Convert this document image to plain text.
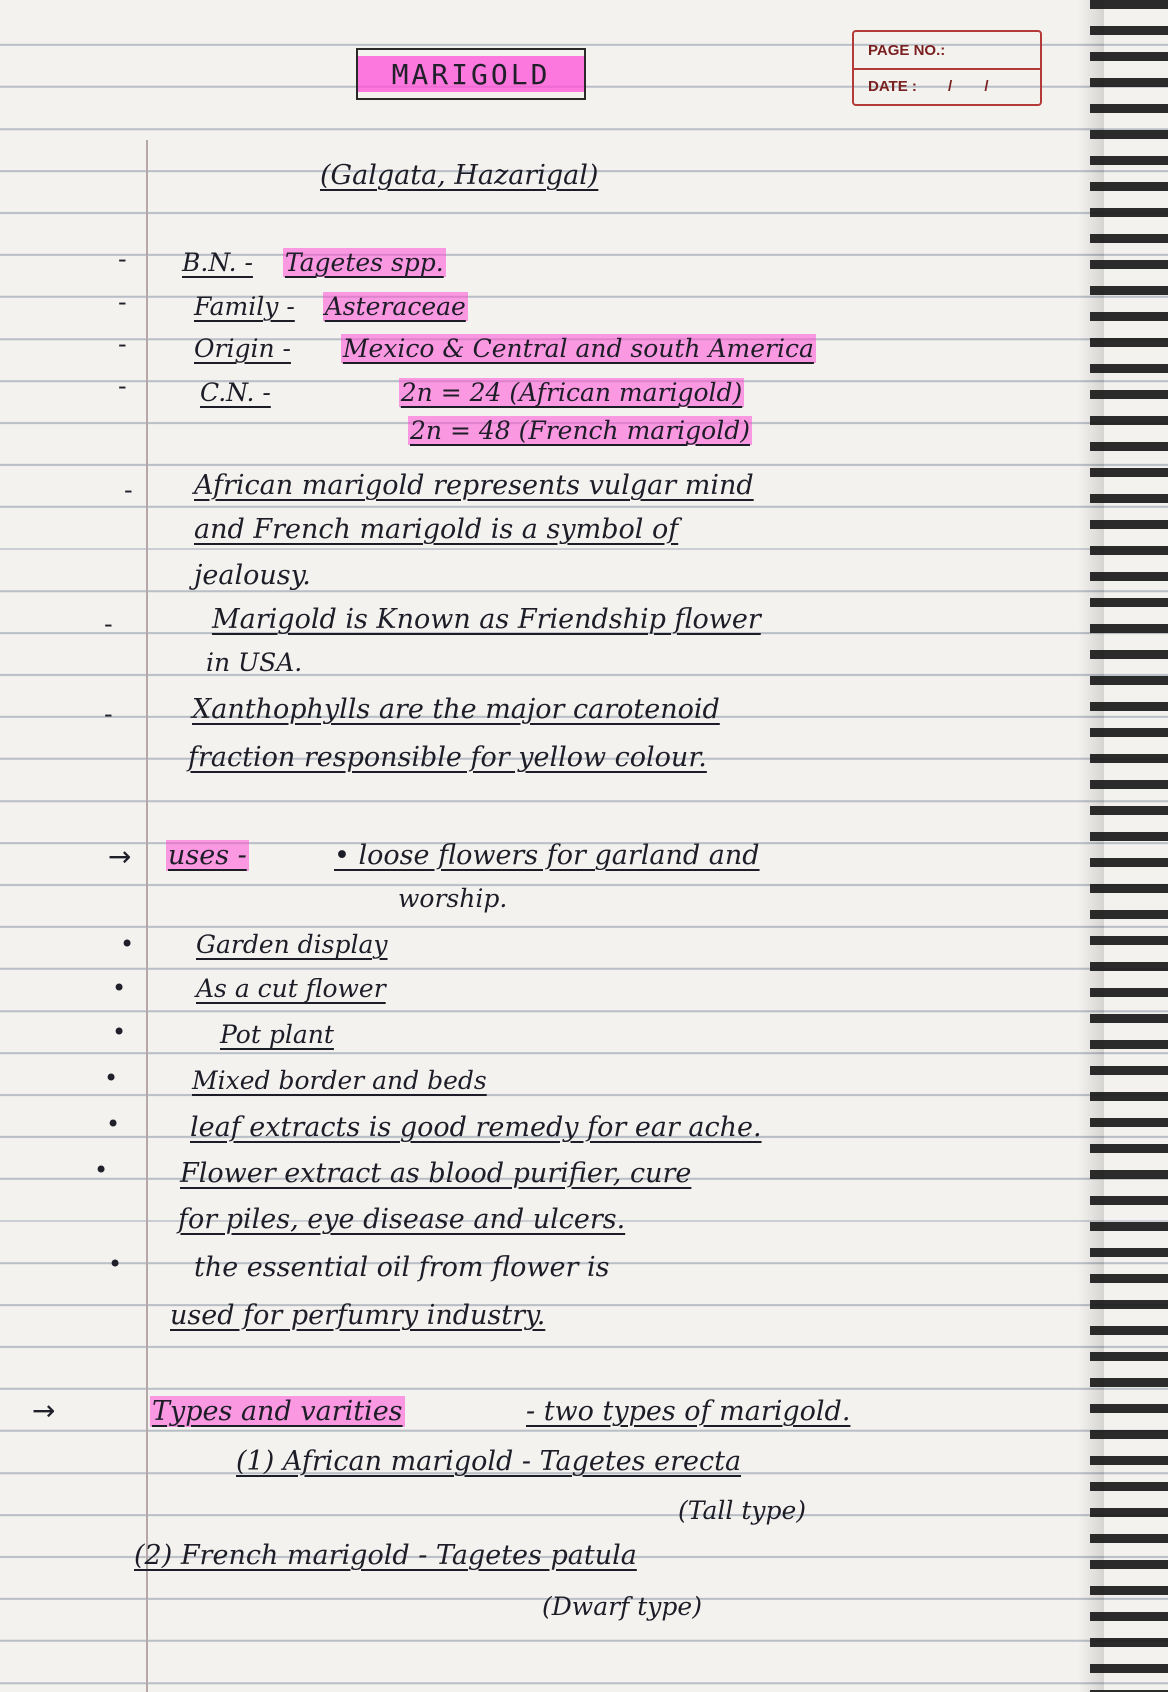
MARIGOLD
PAGE NO.:
DATE : / /
(Galgata, Hazarigal)
- B.N. - Tagetes spp.
-	Family - Asteraceae
-	Origin - Mexico & Central and south America
-	C.N. -	2n = 24 (African marigold)
2n = 48 (French marigold)
- African marigold represents vulgar mind
and French marigold is a symbol of
jealousy.
-	Marigold is Known as Friendship flower
in USA.
-	Xanthophylls are the major carotenoid
fraction responsible for yellow colour.
→ uses -	• loose flowers for garland and
worship.
• Garden display
•	As a cut flower
•	Pot plant
•	Mixed border and beds
•	leaf extracts is good remedy for ear ache.
•	Flower extract as blood purifier, cure
for piles, eye disease and ulcers.
•	the essential oil from flower is
used for perfumry industry.
→	Types and varities	- two types of marigold.
(1) African marigold - Tagetes erecta
(Tall type)
(2) French marigold - Tagetes patula
(Dwarf type)
